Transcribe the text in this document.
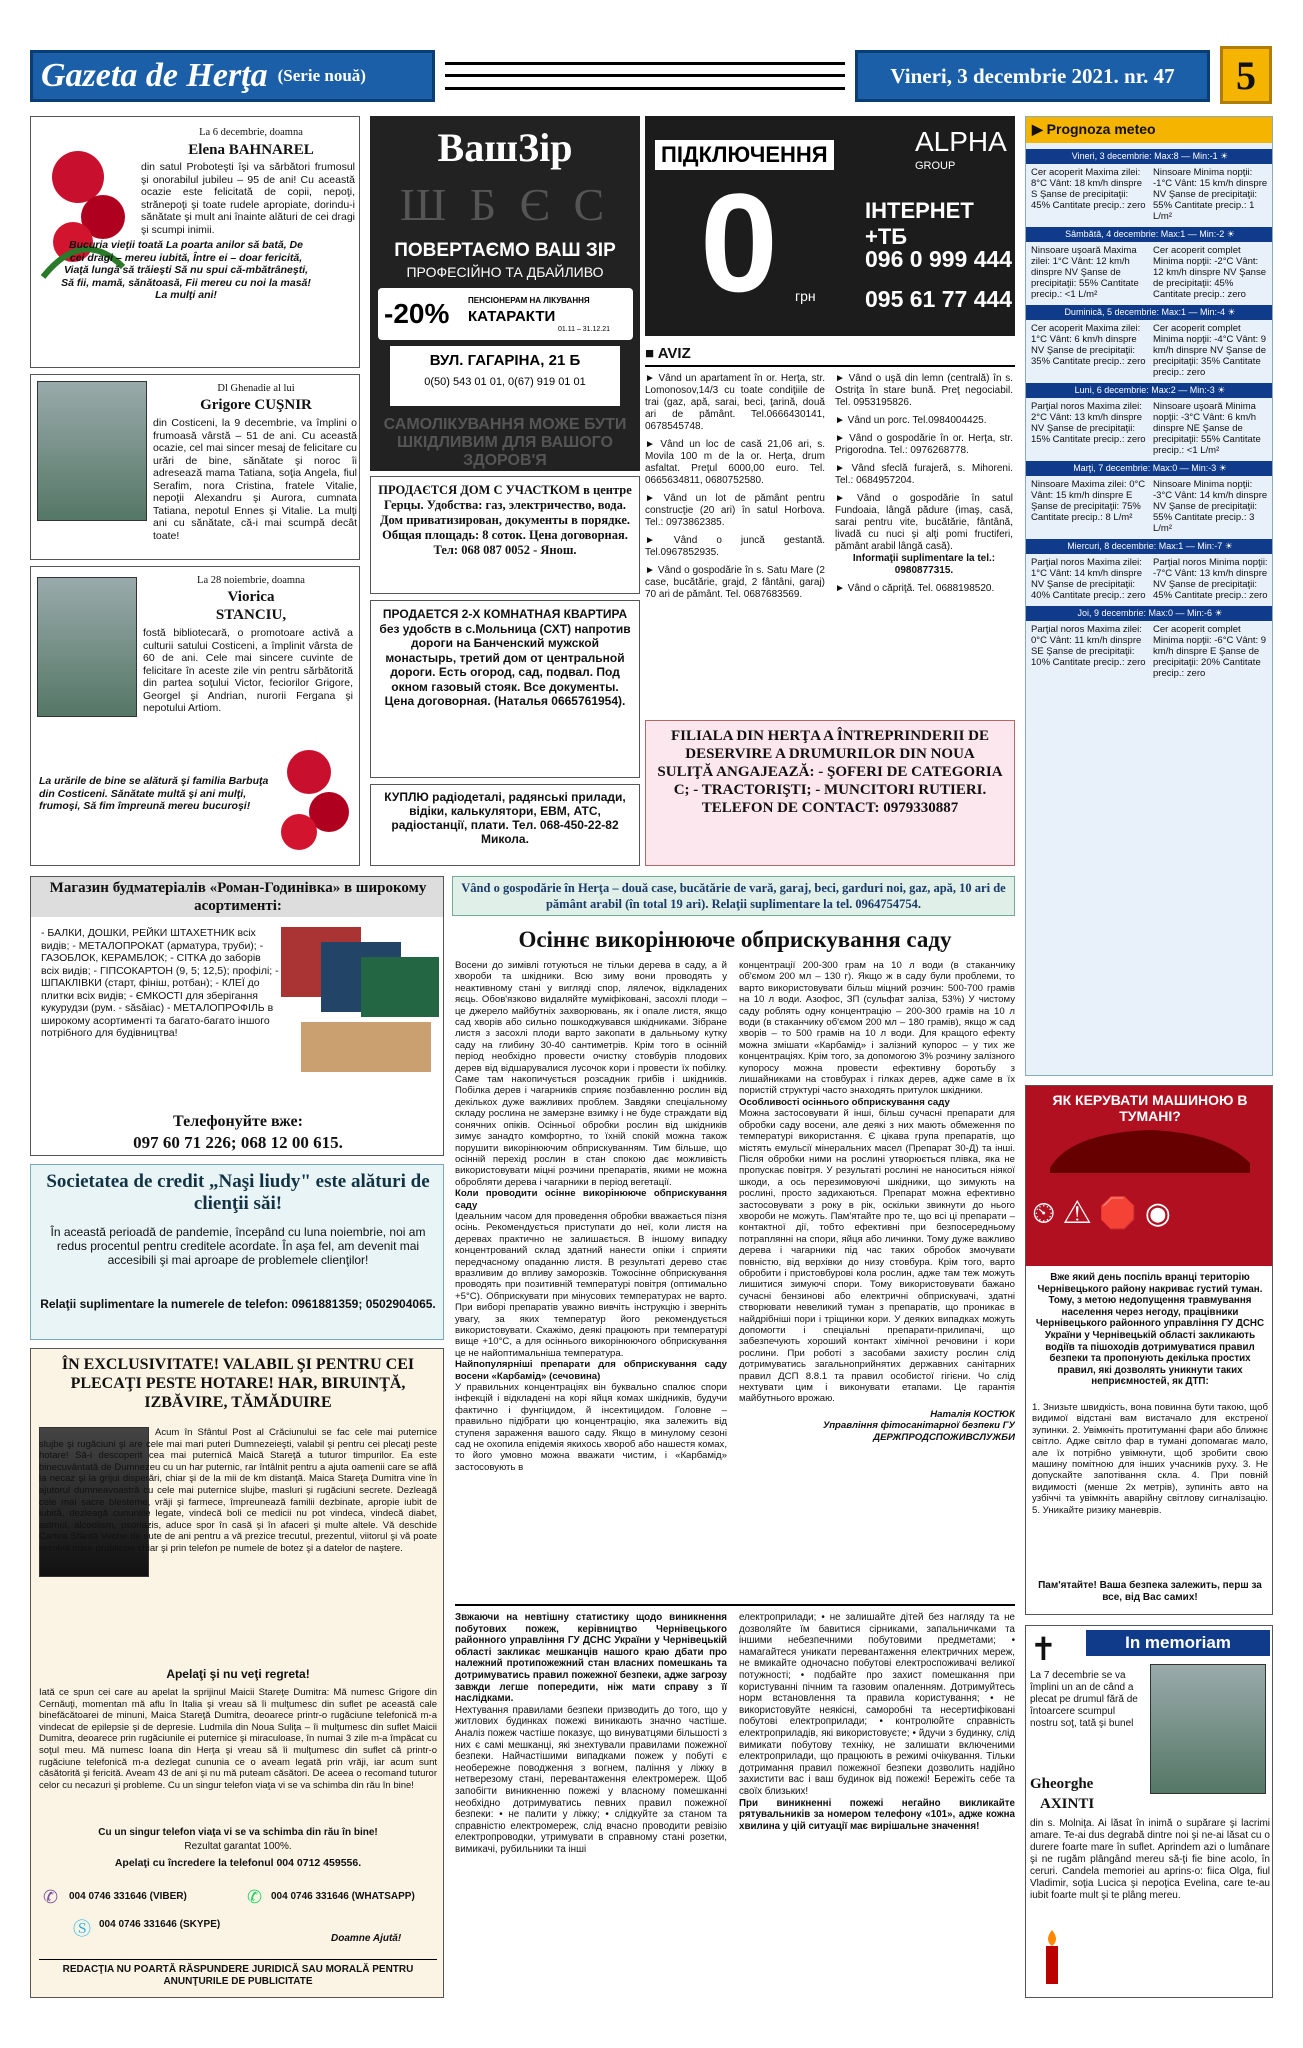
Gazeta de Herţa (Serie nouă)	Vineri, 3 decembrie 2021. nr. 47	5
La 6 decembrie, doamna
Elena BAHNAREL
din satul Proboteşti îşi va sărbători frumosul şi onorabilul jubileu – 95 de ani! Cu această ocazie este felicitată de copii, nepoţi, strănepoţi şi toate rudele apropiate, dorindu-i sănătate şi mult ani înainte alături de cei dragi şi scumpi inimii.
Bucuria vieţii toată La poarta anilor să bată, De cei dragi – mereu iubită, Între ei – doar fericită, Viaţă lungă să trăieşti Să nu spui că-mbătrâneşti, Să fii, mamă, sănătoasă, Fii mereu cu noi la masă! La mulţi ani!
Dl Ghenadie al lui
Grigore CUŞNIR
din Costiceni, la 9 decembrie, va împlini o frumoasă vârstă – 51 de ani. Cu această ocazie, cel mai sincer mesaj de felicitare cu urări de bine, sănătate şi noroc îi adresează mama Tatiana, soţia Angela, fiul Serafim, nora Cristina, fratele Vitalie, nepoţii Alexandru şi Aurora, cumnata Tatiana, nepotul Ennes şi Vitalie. La mulţi ani cu sănătate, că-i mai scumpă decât toate!
La 28 noiembrie, doamna
Viorica
STANCIU,
fostă bibliotecară, o promotoare activă a culturii satului Costiceni, a împlinit vârsta de 60 de ani. Cele mai sincere cuvinte de felicitare în aceste zile vin pentru sărbătorită din partea soţului Victor, feciorilor Grigore, Georgel şi Andrian, nurorii Fergana şi nepotului Artiom.
La urările de bine se alătură şi familia Barbuţa din Costiceni. Sănătate multă şi ani mulţi, frumoşi, Să fim împreună mereu bucuroşi!
ВашЗір
Ш Б Є С
ПОВЕРТАЄМО ВАШ ЗІР
ПРОФЕСІЙНО ТА ДБАЙЛИВО
-20% ПЕНСІОНЕРАМ НА ЛІКУВАННЯ
КАТАРАКТИ
01.11 – 31.12.21
ВУЛ. ГАГАРІНА, 21 Б
0(50) 543 01 01, 0(67) 919 01 01
САМОЛІКУВАННЯ МОЖЕ БУТИ ШКІДЛИВИМ ДЛЯ ВАШОГО ЗДОРОВ'Я
ПІДКЛЮЧЕННЯ
0 грн
ALPHA
GROUP
ІНТЕРНЕТ +ТБ
096 0 999 444
095 61 77 444
■ AVIZ

► Vând un apartament în or. Herţa, str. Lomonosov,14/3 cu toate condiţiile de trai (gaz, apă, sarai, beci, ţarină, două ari de pământ. Tel.0666430141, 0678545748.

► Vând un loc de casă 21,06 ari, s. Movila 100 m de la or. Herţa, drum asfaltat. Preţul 6000,00 euro. Tel. 0665634811, 0680752580.

► Vând un lot de pământ pentru construcţie (20 ari) în satul Horbova. Tel.: 0973862385.

► Vând o juncă gestantă. Tel.0967852935.

► Vând o gospodărie în s. Satu Mare (2 case, bucătărie, grajd, 2 fântâni, garaj) 70 ari de pământ. Tel. 0687683569.

► Vând o uşă din lemn (centrală) în s. Ostriţa în stare bună. Preţ negociabil. Tel. 0953195826.

► Vând un porc. Tel.0984004425.

► Vând o gospodărie în or. Herţa, str. Prigorodna. Tel.: 0976268778.

► Vând sfeclă furajeră, s. Mihoreni. Tel.: 0684957204.

► Vând o gospodărie în satul Fundoaia, lângă pădure (imaş, casă, sarai pentru vite, bucătărie, fântână, livadă cu nuci şi alţi pomi fructiferi, pământ arabil lângă casă).

Informaţii suplimentare la tel.: 0980877315.

► Vând o căpriţă. Tel. 0688198520.

ПРОДАЄТСЯ ДОМ С УЧАСТКОМ в центре Герцы. Удобства: газ, электричество, вода. Дом приватизирован, документы в порядке. Общая площадь: 8 соток. Цена договорная. Тел: 068 087 0052 - Янош.
ПРОДАЕТСЯ 2-Х КОМНАТНАЯ КВАРТИРА
без удобств в с.Мольница (СХТ) напротив дороги на Банченский мужской монастырь, третий дом от центральной дороги. Есть огород, сад, подвал. Под окном газовый стояк. Все документы.
Цена договорная. (Наталья 0665761954).
КУПЛЮ радіодеталі, радянські прилади, відіки, калькулятори, ЕВМ, АТС, радіостанції, плати. Тел. 068-450-22-82 Микола.
FILIALA DIN HERŢA A ÎNTREPRINDERII DE DESERVIRE A DRUMURILOR DIN NOUA SULIŢĂ ANGAJEAZĂ: - ŞOFERI DE CATEGORIA C; - TRACTORIŞTI; - MUNCITORI RUTIERI.
TELEFON DE CONTACT: 0979330887
Vând o gospodărie în Herţa – două case, bucătărie de vară, garaj, beci, garduri noi, gaz, apă, 10 ari de pământ arabil (în total 19 ari). Relaţii suplimentare la tel. 0964754754.
Магазин будматеріалів «Роман-Годинівка» в широкому асортименті:
- БАЛКИ, ДОШКИ, РЕЙКИ ШТАХЕТНИК всіх видів; - МЕТАЛОПРОКАТ (арматура, труби); - ГАЗОБЛОК, КЕРАМБЛОК; - СІТКА до заборів всіх видів; - ГІПСОКАРТОН (9, 5; 12,5); профілі; - ШПАКЛІВКИ (старт, фініш, ротбан); - КЛЕЇ до плитки всіх видів; - ЄМКОСТІ для зберігання кукурудзи (рум. - săsăiac) - МЕТАЛОПРОФІЛЬ в широкому асортименті та багато-багато іншого потрібного для будівництва!
Телефонуйте вже:
097 60 71 226; 068 12 00 615.
Societatea de credit „Naşi liudy" este alături de clienţii săi!
În această perioadă de pandemie, începând cu luna noiembrie, noi am redus procentul pentru creditele acordate. În aşa fel, am devenit mai accesibili şi mai aproape de problemele clienţilor!
Relaţii suplimentare la numerele de telefon: 0961881359; 0502904065.
ÎN EXCLUSIVITATE! VALABIL ŞI PENTRU CEI PLECAŢI PESTE HOTARE! HAR, BIRUINŢĂ, IZBĂVIRE, TĂMĂDUIRE
Acum în Sfântul Post al Crăciunului se fac cele mai puternice slujbe şi rugăciuni şi are cele mai mari puteri Dumnezeieşti, valabil şi pentru cei plecaţi peste hotare! Să-i descoperit cea mai puternică Maică Stareţă a tuturor timpurilor. Ea este binecuvântată de Dumnezeu cu un har puternic, rar întâlnit pentru a ajuta oamenii care se află la necaz şi la grijui disperări, chiar şi de la mii de km distanţă. Maica Stareţa Dumitra vine în ajutorul dumneavoastră cu cele mai puternice slujbe, masluri şi rugăciuni secrete. Dezleagă cele mai sacre blesteme, vrăji şi farmece, împreunează familii dezbinate, apropie iubit de iubită, dezleagă cununiile legate, vindecă boli ce medicii nu pot vindeca, vindecă diabet, astmul, alcoolism, psoriazis, aduce spor în casă şi în afaceri şi multe altele. Vă deschide Cartea Sfântă Veche de sute de ani pentru a vă prezice trecutul, prezentul, viitorul şi vă poate rezolva orice probleme chiar şi prin telefon pe numele de botez şi a datelor de naştere.
Apelaţi şi nu veţi regreta!
Iată ce spun cei care au apelat la sprijinul Maicii Stareţe Dumitra: Mă numesc Grigore din Cernăuţi, momentan mă aflu în Italia şi vreau să îi mulţumesc din suflet pe această cale binefăcătoarei de minuni, Maica Stareţă Dumitra, deoarece printr-o rugăciune telefonică m-a vindecat de epilepsie şi de depresie. Ludmila din Noua Suliţa – îi mulţumesc din suflet Maicii Dumitra, deoarece prin rugăciunile ei puternice şi miraculoase, în numai 3 zile m-a împăcat cu soţul meu. Mă numesc Ioana din Herţa şi vreau să îi mulţumesc din suflet că printr-o rugăciune telefonică m-a dezlegat cununia ce o aveam legată prin vrăji, iar acum sunt căsătorită şi fericită. Aveam 43 de ani şi nu mă puteam căsători. De aceea o recomand tuturor celor cu necazuri şi probleme. Cu un singur telefon viaţa vi se va schimba din rău în bine!
Cu un singur telefon viaţa vi se va schimba din rău în bine!
Rezultat garantat 100%.
Apelaţi cu încredere la telefonul 004 0712 459556.
✆ 004 0746 331646 (VIBER)	✆ 004 0746 331646 (WHATSAPP)
Ⓢ 004 0746 331646 (SKYPE)
Doamne Ajută!
REDACŢIA NU POARTĂ RĂSPUNDERE JURIDICĂ SAU MORALĂ PENTRU ANUNŢURILE DE PUBLICITATE
Осіннє викорінююче обприскування саду

Восени до зимівлі готуються не тільки дерева в саду, а й хвороби та шкідники. Всю зиму вони проводять у неактивному стані у вигляді спор, лялечок, відкладених яєць. Обов'язково видаляйте муміфіковані, засохлі плоди – це джерело майбутніх захворювань, як і опале листя, якщо сад хворів або сильно пошкоджувався шкідниками. Зібране листя з засохлі плоди варто закопати в дальньому кутку саду на глибину 30-40 сантиметрів. Крім того в осінній період необхідно провести очистку стовбурів плодових дерев від відшарувалися лусочок кори і провести їх побілку. Саме там накопичується розсадник грибів і шкідників. Побілка дерев і чагарників сприяє позбавленню рослин від декількох дуже важливих проблем. Завдяки спеціальному складу рослина не замерзне взимку і не буде страждати від сонячних опіків. Осінньої обробки рослин від шкідників зимує занадто комфортно, то їхній спокій можна також порушити викорінюючим обприскуванням. Тим більше, що осінній перехід рослин в стан спокою дає можливість використовувати міцні розчини препаратів, якими не можна обробляти дерева і чагарники в період вегетації.

Коли проводити осінне викорінююче обприскування саду

Ідеальним часом для проведення обробки вважається пізня осінь. Рекомендується приступати до неї, коли листя на деревах практично не залишається. В іншому випадку концентрований склад здатний нанести опіки і сприяти передчасному опаданню листя. В результаті дерево стає вразливим до впливу заморозків. Тожосінне обприскування проводять при позитивній температурі повітря (оптимально +5°С). Обприскувати при мінусових температурах не варто. При виборі препаратів уважно вивчіть інструкцію і зверніть увагу, за яких температур його рекомендується використовувати. Скажімо, деякі працюють при температурі вище +10°С, а для осіннього викорінюючого обприскування це не найоптимальніша температура.

Найпопулярніші препарати для обприскування саду восени «Карбамід» (сечовина)

У правильних концентраціях він буквально спалює спори інфекцій і відкладені на корі яйця комах шкідників, будучи фактично і фунгіцидом, й інсектицидом. Головне – правильно підібрати цю концентрацію, яка залежить від ступеня зараження вашого саду. Якщо в минулому сезоні сад не охопила епідемія якихось хвороб або нашестя комах, то його умовно можна вважати чистим, і «Карбамід» застосовують в

концентрації 200-300 грам на 10 л води (в стаканчику об'ємом 200 мл – 130 г). Якщо ж в саду були проблеми, то варто використовувати більш міцний розчин: 500-700 грамів на 10 л води. Азофос, ЗП (сульфат заліза, 53%) У чистому саду роблять одну концентрацію – 200-300 грамів на 10 л води (в стаканчику об'ємом 200 мл – 180 грамів), якщо ж сад хворів – то 500 грамів на 10 л води. Для кращого ефекту можна змішати «Карбамід» і залізний купорос – у тих же концентраціях. Крім того, за допомогою 3% розчину залізного купоросу можна провести ефективну боротьбу з лишайниками на стовбурах і гілках дерев, адже саме в їх пористій структурі часто знаходять притулок шкідники.

Особливості осіннього обприскування саду

Можна застосовувати й інші, більш сучасні препарати для обробки саду восени, але деякі з них мають обмеження по температурі використання. Є цікава група препаратів, що містять емульсії мінеральних масел (Препарат 30-Д) та інші. Після обробки ними на рослині утворюється плівка, яка не пропускає повітря. У результаті рослині не наноситься ніякої шкоди, а ось перезимовуючі шкідники, що зимують на рослині, просто задихаються. Препарат можна ефективно застосовувати з року в рік, оскільки звикнути до нього хвороби не можуть. Пам'ятайте про те, що всі ці препарати – контактної дії, тобто ефективні при безпосередньому потраплянні на спори, яйця або личинки. Тому дуже важливо дерева і чагарники під час таких обробок змочувати повністю, від верхівки до низу стовбура. Крім того, варто обробити і пристовбурові кола рослин, адже там теж можуть лишитися зимуючі спори. Тому використовувати бажано сучасні бензинові або електричні обприскувачі, здатні створювати невеликий туман з препаратів, що проникає в найдрібніші пори і тріщинки кори. У деяких випадках можуть допомогти і спеціальні препарати-прилипачі, що забезпечують хороший контакт хімічної речовини і кори рослини. При роботі з засобами захисту рослин слід дотримуватись загальноприйнятих державних санітарних правил ДСП 8.8.1 та правил особистої гігієни. Чо слід нехтувати цим і виконувати етапами. Це гарантія майбутнього врожаю.

Наталія КОСТЮК

Управління фітосанітарної безпеки ГУ ДЕРЖПРОДСПОЖИВСЛУЖБИ

Звжаючи на невтішну статистику щодо виникнення побутових пожеж, керівництво Чернівецького районного управління ГУ ДСНС України у Чернівецькій області закликає мешканців нашого краю дбати про належний протипожежний стан власних помешкань та дотримуватись правил пожежної безпеки, адже загрозу завжди легше попередити, ніж мати справу з її наслідками.

Нехтування правилами безпеки призводить до того, що у житлових будинках пожежі виникають значно частіше. Аналіз пожеж частіше показує, що винуватцями більшості з них є самі мешканці, які знехтували правилами пожежної безпеки. Найчастішими випадками пожеж у побуті є необережне поводження з вогнем, паління у ліжку в нетверезому стані, перевантаження електромереж. Щоб запобігти виникненню пожежі у власному помешканні необхідно дотримуватись певних правил пожежної безпеки: • не палити у ліжку; • слідкуйте за станом та справністю електромереж, слід вчасно проводити ревізію електропроводки, утримувати в справному стані розетки, вимикачі, рубильники та інші

електроприлади; • не залишайте дітей без нагляду та не дозволяйте їм бавитися сірниками, запальничками та іншими небезпечними побутовими предметами; • намагайтеся уникати перевантаження електричних мереж, не вмикайте одночасно побутові електроспоживачі великої потужності; • подбайте про захист помешкання при користуванні пічним та газовим опаленням. Дотримуйтесь норм встановлення та правила користування; • не використовуйте неякісні, саморобні та несертифіковані побутові електроприлади; • контролюйте справність електроприладів, які використовуєте; • йдучи з будинку, слід вимикати побутову техніку, не залишати включеними електроприлади, що працюють в режимі очікування. Тільки дотримання правил пожежної безпеки дозволить надійно захистити вас і ваш будинок від пожежі! Бережіть себе та своїх близьких!

При виникненні пожежі негайно викликайте рятувальників за номером телефону «101», адже кожна хвилина у цій ситуації має вирішальне значення!

▶ Prognoza meteo
Vineri, 3 decembrie: Max:8 — Min:-1 ☀
Cer acoperit Maxima zilei: 8°C Vânt: 18 km/h dinspre S Şanse de precipitaţii: 45% Cantitate precip.: zero
Ninsoare Minima nopţii: -1°C Vânt: 15 km/h dinspre NV Şanse de precipitaţii: 55% Cantitate precip.: 1 L/m²
Sâmbătă, 4 decembrie: Max:1 — Min:-2 ☀
Ninsoare uşoară Maxima zilei: 1°C Vânt: 12 km/h dinspre NV Şanse de precipitaţii: 55% Cantitate precip.: <1 L/m²
Cer acoperit complet Minima nopţii: -2°C Vânt: 12 km/h dinspre NV Şanse de precipitaţii: 45% Cantitate precip.: zero
Duminică, 5 decembrie: Max:1 — Min:-4 ☀
Cer acoperit Maxima zilei: 1°C Vânt: 6 km/h dinspre NV Şanse de precipitaţii: 35% Cantitate precip.: zero
Cer acoperit complet Minima nopţii: -4°C Vânt: 9 km/h dinspre NV Şanse de precipitaţii: 35% Cantitate precip.: zero
Luni, 6 decembrie: Max:2 — Min:-3 ☀
Parţial noros Maxima zilei: 2°C Vânt: 13 km/h dinspre NV Şanse de precipitaţii: 15% Cantitate precip.: zero
Ninsoare uşoară Minima nopţii: -3°C Vânt: 6 km/h dinspre NE Şanse de precipitaţii: 55% Cantitate precip.: <1 L/m²
Marţi, 7 decembrie: Max:0 — Min:-3 ☀
Ninsoare Maxima zilei: 0°C Vânt: 15 km/h dinspre E Şanse de precipitaţii: 75% Cantitate precip.: 8 L/m²
Ninsoare Minima nopţii: -3°C Vânt: 14 km/h dinspre NV Şanse de precipitaţii: 55% Cantitate precip.: 3 L/m²
Miercuri, 8 decembrie: Max:1 — Min:-7 ☀
Parţial noros Maxima zilei: 1°C Vânt: 14 km/h dinspre NV Şanse de precipitaţii: 40% Cantitate precip.: zero
Parţial noros Minima nopţii: -7°C Vânt: 13 km/h dinspre NV Şanse de precipitaţii: 45% Cantitate precip.: zero
Joi, 9 decembrie: Max:0 — Min:-6 ☀
Parţial noros Maxima zilei: 0°C Vânt: 11 km/h dinspre SE Şanse de precipitaţii: 10% Cantitate precip.: zero
Cer acoperit complet Minima nopţii: -6°C Vânt: 9 km/h dinspre E Şanse de precipitaţii: 20% Cantitate precip.: zero
ЯК КЕРУВАТИ МАШИНОЮ В ТУМАНІ?
⏲ ⚠ 🛑 ◉
Вже який день поспіль вранці територію Чернівецького району накриває густий туман. Тому, з метою недопущення травмування населення через негоду, працівники Чернівецького районного управління ГУ ДСНС України у Чернівецькій області закликають водіїв та пішоходів дотримуватися правил безпеки та пропонують декілька простих правил, які дозволять уникнути таких неприємностей, як ДТП:
1. Знизьте швидкість, вона повинна бути такою, щоб видимої відстані вам вистачало для екстреної зупинки. 2. Увімкніть протитуманні фари або ближнє світло. Адже світло фар в тумані допомагає мало, але їх потрібно увімкнути, щоб зробити свою машину помітною для інших учасників руху. 3. Не допускайте запотівання скла. 4. При повній видимості (менше 2х метрів), зупиніть авто на узбіччі та увімкніть аварійну світлову сигналізацію. 5. Уникайте ризику маневрів.
Пам'ятайте! Ваша безпека залежить, перш за все, від Вас самих!
✝	In memoriam
La 7 decembrie se va împlini un an de când a plecat pe drumul fără de întoarcere scumpul nostru soţ, tată şi bunel
Gheorghe
AXINTI
din s. Molniţa. Ai lăsat în inimă o supărare şi lacrimi amare. Te-ai dus degrabă dintre noi şi ne-ai lăsat cu o durere foarte mare în suflet. Aprindem azi o lumânare şi ne rugăm plângând mereu să-ţi fie bine acolo, în ceruri. Candela memoriei au aprins-o: fiica Olga, fiul Vladimir, soţia Lucica şi nepoţica Evelina, care te-au iubit foarte mult şi te plâng mereu.
